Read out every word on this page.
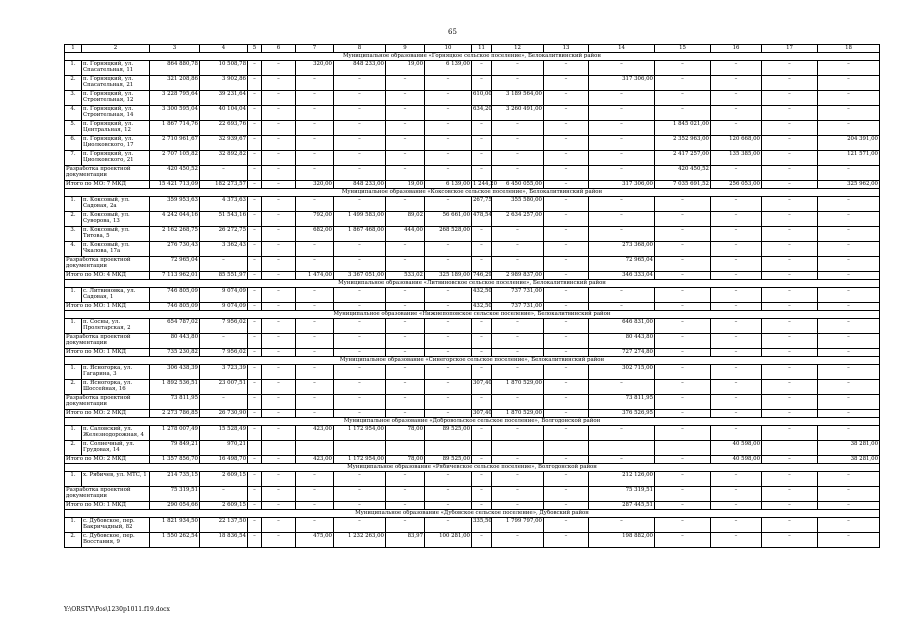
65
1	2	3	4	5	6	7	8	9	10	11	12	13	14	15	16	17	18
Муниципальное образование «Горняцкое сельское поселение», Белокалитвинский район																	
1.	п. Горняцкий, ул. Спасательная, 11	864 880,78	10 508,78	–	–	320,00	848 233,00	19,00	6 139,00	–	–	–	–	–	–	–	–
2.	п. Горняцкий, ул. Спасательная, 21	321 208,86	3 902,86	–	–	–	–	–	–	–	–	–	317 306,00	–	–	–	–
3.	п. Горняцкий, ул. Строительная, 12	3 228 795,64	39 231,64	–	–	–	–	–	–	610,00	3 189 564,00	–	–	–	–	–	–
4.	п. Горняцкий, ул. Строительная, 14	3 300 595,04	40 104,04	–	–	–	–	–	–	634,20	3 260 491,00	–	–	–	–	–	–
5.	п. Горняцкий, ул. Центральная, 12	1 867 714,76	22 693,76	–	–	–	–	–	–	–	–	–	–	1 845 021,00	–	–	–
6.	п. Горняцкий, ул. Циолковского, 17	2 710 961,67	32 939,67	–	–	–	–	–	–	–	–	–	–	2 352 963,00	120 668,00	–	204 391,00
7.	п. Горняцкий, ул. Циолковского, 21	2 707 105,82	32 892,82	–	–	–	–	–	–	–	–	–	–	2 417 257,00	135 385,00	–	121 571,00
Разработка проектной документации		420 450,52	–	–	–	–	–	–	–	–	–	–	–	420 450,52	–	–	–
Итого по МО: 7 МКД		15 421 713,09	182 273,57	–	–	320,00	848 233,00	19,00	6 139,00	1 244,20	6 450 055,00	–	317 306,00	7 035 691,52	256 053,00	–	325 962,00
Муниципальное образование «Коксовское сельское поселение», Белокалитвинский район																	
1.	п. Коксовый, ул. Садовая, 2а	359 953,63	4 373,63	–	–	–	–	–	–	267,75	355 580,00	–	–	–	–	–	–
2.	п. Коксовый, ул. Суворова, 13	4 242 044,16	51 543,16	–	–	792,00	1 499 583,00	89,02	56 661,00	478,54	2 634 257,00	–	–	–	–	–	–
3.	п. Коксовый, ул. Титова, 5	2 162 268,75	26 272,75	–	–	682,00	1 867 468,00	444,00	268 528,00	–	–	–	–	–	–	–	–
4.	п. Коксовый, ул. Чкалова, 17а	276 730,43	3 362,43	–	–	–	–	–	–	–	–	–	273 368,00	–	–	–	–
Разработка проектной документации		72 965,04	–	–	–	–	–	–	–	–	–	–	72 965,04	–	–	–	–
Итого по МО: 4 МКД		7 113 962,01	85 551,97	–	–	1 474,00	3 367 051,00	533,02	325 189,00	746,29	2 989 837,00	–	346 333,04	–	–	–	–
Муниципальное образование «Литвиновское сельское поселение», Белокалитвинский район																	
1.	с. Литвиновка, ул. Садовая, 1	746 805,09	9 074,09	–	–	–	–	–	–	432,50	737 731,00	–	–	–	–	–	–
Итого по МО: 1 МКД		746 805,09	9 074,09	–	–	–	–	–	–	432,50	737 731,00	–	–	–	–	–	–
Муниципальное образование «Нижнепоповское сельское поселение», Белокалитвинский район																	
1.	п. Сосны, ул. Пролетарская, 2	654 787,02	7 956,02	–	–	–	–	–	–	–	–	–	646 831,00	–	–	–	–
Разработка проектной документации		80 443,80	–	–	–	–	–	–	–	–	–	–	80 443,80	–	–	–	–
Итого по МО: 1 МКД		735 230,82	7 956,02	–	–	–	–	–	–	–	–	–	727 274,80	–	–	–	–
Муниципальное образование «Синегорское сельское поселение», Белокалитвинский район																	
1.	п. Ясногорка, ул. Гагарина, 3	306 438,39	3 723,39	–	–	–	–	–	–	–	–	–	302 715,00	–	–	–	–
2.	п. Ясногорка, ул. Шоссейная, 16	1 892 536,51	23 007,51	–	–	–	–	–	–	307,40	1 870 529,00	–	–	–	–	–	–
Разработка проектной документации		73 811,95	–	–	–	–	–	–	–	–	–	–	73 811,95	–	–	–	–
Итого по МО: 2 МКД		2 273 786,85	26 730,90	–	–	–	–	–	–	307,40	1 870 529,00	–	376 526,95	–	–	–	–
Муниципальное образование «Добровольское сельское поселение», Волгодонской район																	
1.	п. Саловский, ул. Железнодорожная, 4	1 278 007,49	15 528,49	–	–	423,00	1 172 954,00	78,00	89 525,00	–	–	–	–	–	–	–	–
2.	п. Солнечный, ул. Грудовая, 14	79 849,21	970,21												40 598,00		38 281,00
Итого по МО: 2 МКД		1 357 856,70	16 498,70	–	–	423,00	1 172 954,00	78,00	89 525,00	–	–	–	–	–	40 598,00	–	38 281,00
Муниципальное образование «Рябичевское сельское поселение», Волгодонской район																	
1.	х. Рябичев, ул. МТС, 1	214 735,15	2 609,15	–	–	–	–	–	–	–	–	–	212 126,00	–	–	–	–
Разработка проектной документации		75 319,51	–	–	–	–	–	–	–	–	–	–	75 319,51	–	–	–	–
Итого по МО: 1 МКД		290 054,66	2 609,15	–	–	–	–	–	–	–	–	–	287 445,51	–	–	–	–
Муниципальное образование «Дубовское сельское поселение», Дубовский район																	
1.	с. Дубовское, пер. Бакричадный, 82	1 821 934,50	22 137,50	–	–	–	–	–	–	335,50	1 799 797,00	–	–	–	–	–	–
2.	с. Дубовское, пер. Восстания, 9	1 550 262,54	18 836,54	–	–	475,00	1 232 263,00	83,97	100 281,00	–	–	–	198 882,00	–	–	–	–
Y:\ORSTV\Pos\1230p1011.f19.docx
